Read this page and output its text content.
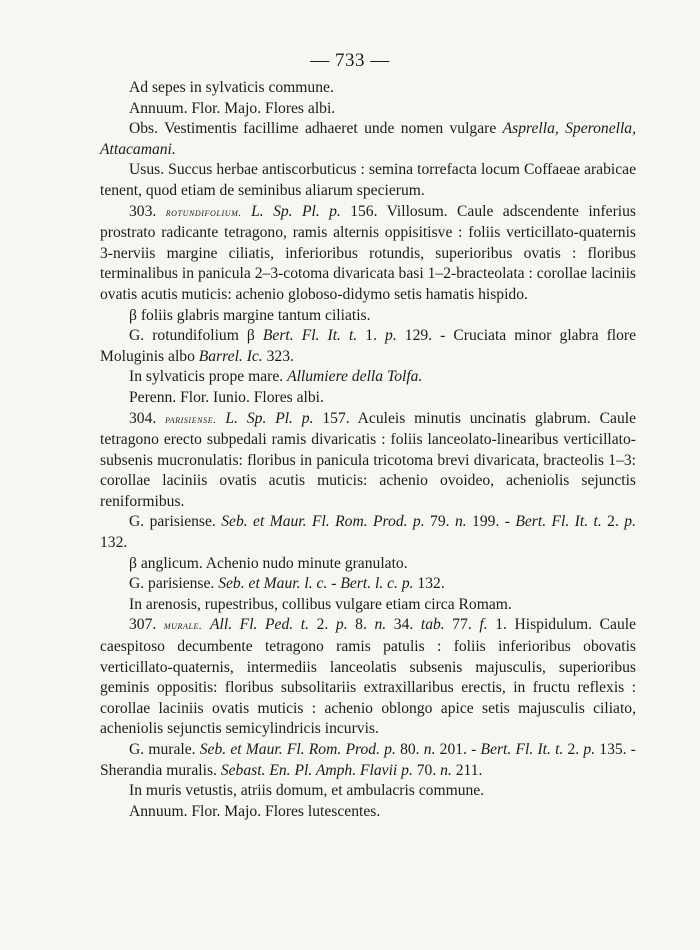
— 733 —

Ad sepes in sylvaticis commune.

Annuum. Flor. Majo. Flores albi.

Obs. Vestimentis facillime adhaeret unde nomen vulgare Asprella, Speronella, Attacamani.

Usus. Succus herbae antiscorbuticus : semina torrefacta locum Coffaeae arabicae tenent, quod etiam de seminibus aliarum specierum.

303. rotundifolium. L. Sp. Pl. p. 156. Villosum. Caule adscendente inferius prostrato radicante tetragono, ramis alternis oppisitisve : foliis verticillato-quaternis 3-nerviis margine ciliatis, inferioribus rotundis, superioribus ovatis : floribus terminalibus in panicula 2–3-cotoma divaricata basi 1–2-bracteolata : corollae laciniis ovatis acutis muticis: achenio globoso-didymo setis hamatis hispido.

β foliis glabris margine tantum ciliatis.

G. rotundifolium β Bert. Fl. It. t. 1. p. 129. - Cruciata minor glabra flore Moluginis albo Barrel. Ic. 323.

In sylvaticis prope mare. Allumiere della Tolfa.

Perenn. Flor. Iunio. Flores albi.

304. parisiense. L. Sp. Pl. p. 157. Aculeis minutis uncinatis glabrum. Caule tetragono erecto subpedali ramis divaricatis : foliis lanceolato-linearibus verticillato-subsenis mucronulatis: floribus in panicula tricotoma brevi divaricata, bracteolis 1–3: corollae laciniis ovatis acutis muticis: achenio ovoideo, acheniolis sejunctis reniformibus.

G. parisiense. Seb. et Maur. Fl. Rom. Prod. p. 79. n. 199. - Bert. Fl. It. t. 2. p. 132.

β anglicum. Achenio nudo minute granulato.

G. parisiense. Seb. et Maur. l. c. - Bert. l. c. p. 132.

In arenosis, rupestribus, collibus vulgare etiam circa Romam.

307. murale. All. Fl. Ped. t. 2. p. 8. n. 34. tab. 77. f. 1. Hispidulum. Caule caespitoso decumbente tetragono ramis patulis : foliis inferioribus obovatis verticillato-quaternis, intermediis lanceolatis subsenis majusculis, superioribus geminis oppositis: floribus subsolitariis extraxillaribus erectis, in fructu reflexis : corollae laciniis ovatis muticis : achenio oblongo apice setis majusculis ciliato, acheniolis sejunctis semicylindricis incurvis.

G. murale. Seb. et Maur. Fl. Rom. Prod. p. 80. n. 201. - Bert. Fl. It. t. 2. p. 135. - Sherandia muralis. Sebast. En. Pl. Amph. Flavii p. 70. n. 211.

In muris vetustis, atriis domum, et ambulacris commune.

Annuum. Flor. Majo. Flores lutescentes.
